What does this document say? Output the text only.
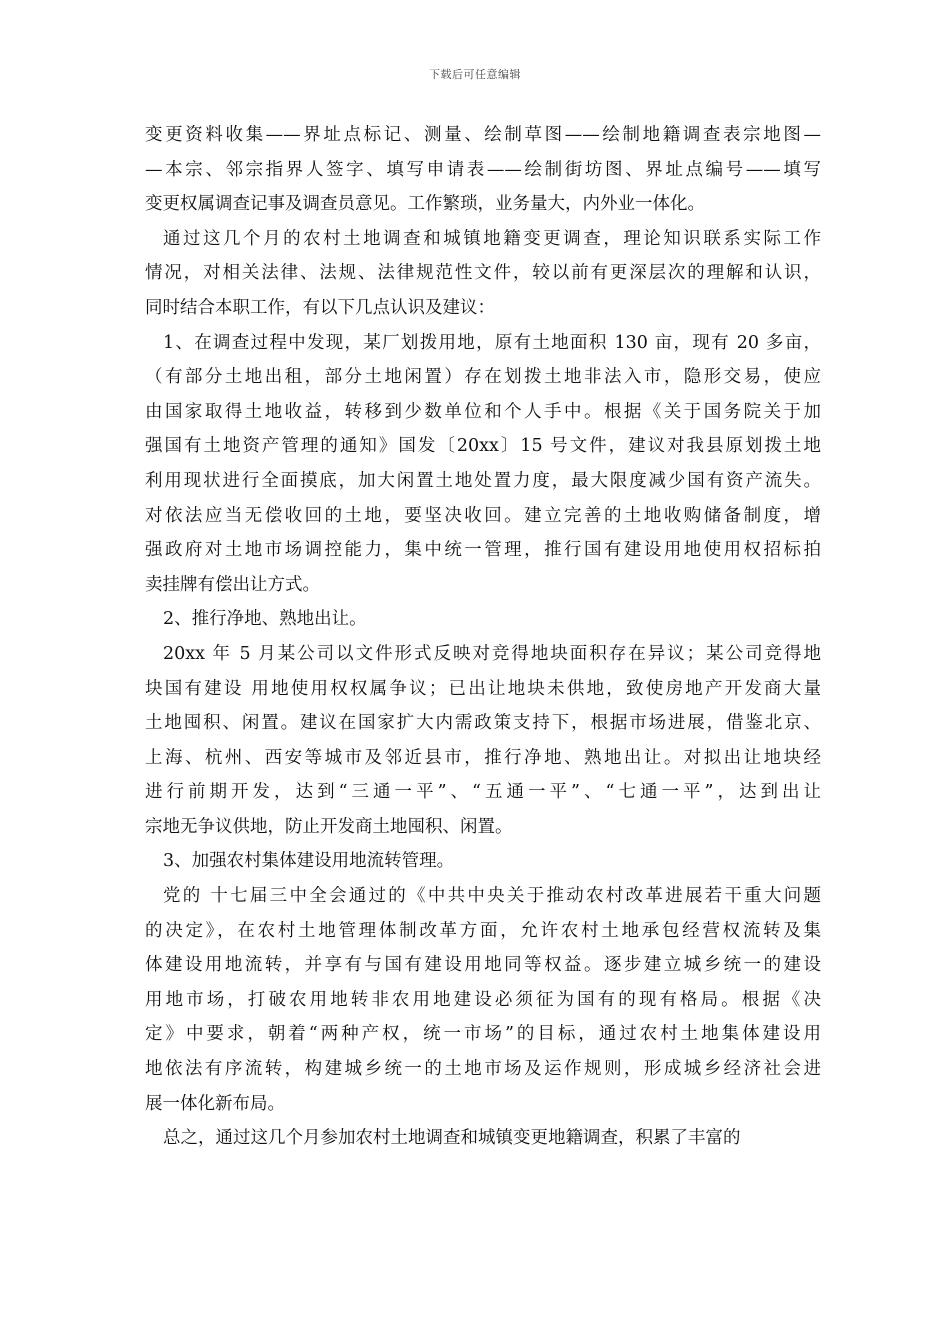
下载后可任意编辑
变更资料收集——界址点标记、测量、绘制草图——绘制地籍调查表宗地图—
—本宗、邻宗指界人签字、填写申请表——绘制街坊图、界址点编号——填写
变更权属调查记事及调查员意见。工作繁琐，业务量大，内外业一体化。
通过这几个月的农村土地调查和城镇地籍变更调查，理论知识联系实际工作
情况，对相关法律、法规、法律规范性文件，较以前有更深层次的理解和认识，
同时结合本职工作，有以下几点认识及建议：
1、在调查过程中发现，某厂划拨用地，原有土地面积 130 亩，现有 20 多亩，
（有部分土地出租，部分土地闲置）存在划拨土地非法入市，隐形交易，使应
由国家取得土地收益，转移到少数单位和个人手中。根据《关于国务院关于加
强国有土地资产管理的通知》国发〔20xx〕15 号文件，建议对我县原划拨土地
利用现状进行全面摸底，加大闲置土地处置力度，最大限度减少国有资产流失。
对依法应当无偿收回的土地，要坚决收回。建立完善的土地收购储备制度，增
强政府对土地市场调控能力，集中统一管理，推行国有建设用地使用权招标拍
卖挂牌有偿出让方式。
2、推行净地、熟地出让。
20xx 年 5 月某公司以文件形式反映对竞得地块面积存在异议；某公司竞得地
块国有建设 用地使用权权属争议；已出让地块未供地，致使房地产开发商大量
土地囤积、闲置。建议在国家扩大内需政策支持下，根据市场进展，借鉴北京、
上海、杭州、西安等城市及邻近县市，推行净地、熟地出让。对拟出让地块经
进行前期开发，达到“三通一平”、“五通一平”、“七通一平”，达到出让
宗地无争议供地，防止开发商土地囤积、闲置。
3、加强农村集体建设用地流转管理。
党的 十七届三中全会通过的《中共中央关于推动农村改革进展若干重大问题
的决定》，在农村土地管理体制改革方面，允许农村土地承包经营权流转及集
体建设用地流转，并享有与国有建设用地同等权益。逐步建立城乡统一的建设
用地市场，打破农用地转非农用地建设必须征为国有的现有格局。根据《决
定》中要求，朝着“两种产权，统一市场”的目标，通过农村土地集体建设用
地依法有序流转，构建城乡统一的土地市场及运作规则，形成城乡经济社会进
展一体化新布局。
总之，通过这几个月参加农村土地调查和城镇变更地籍调查，积累了丰富的
